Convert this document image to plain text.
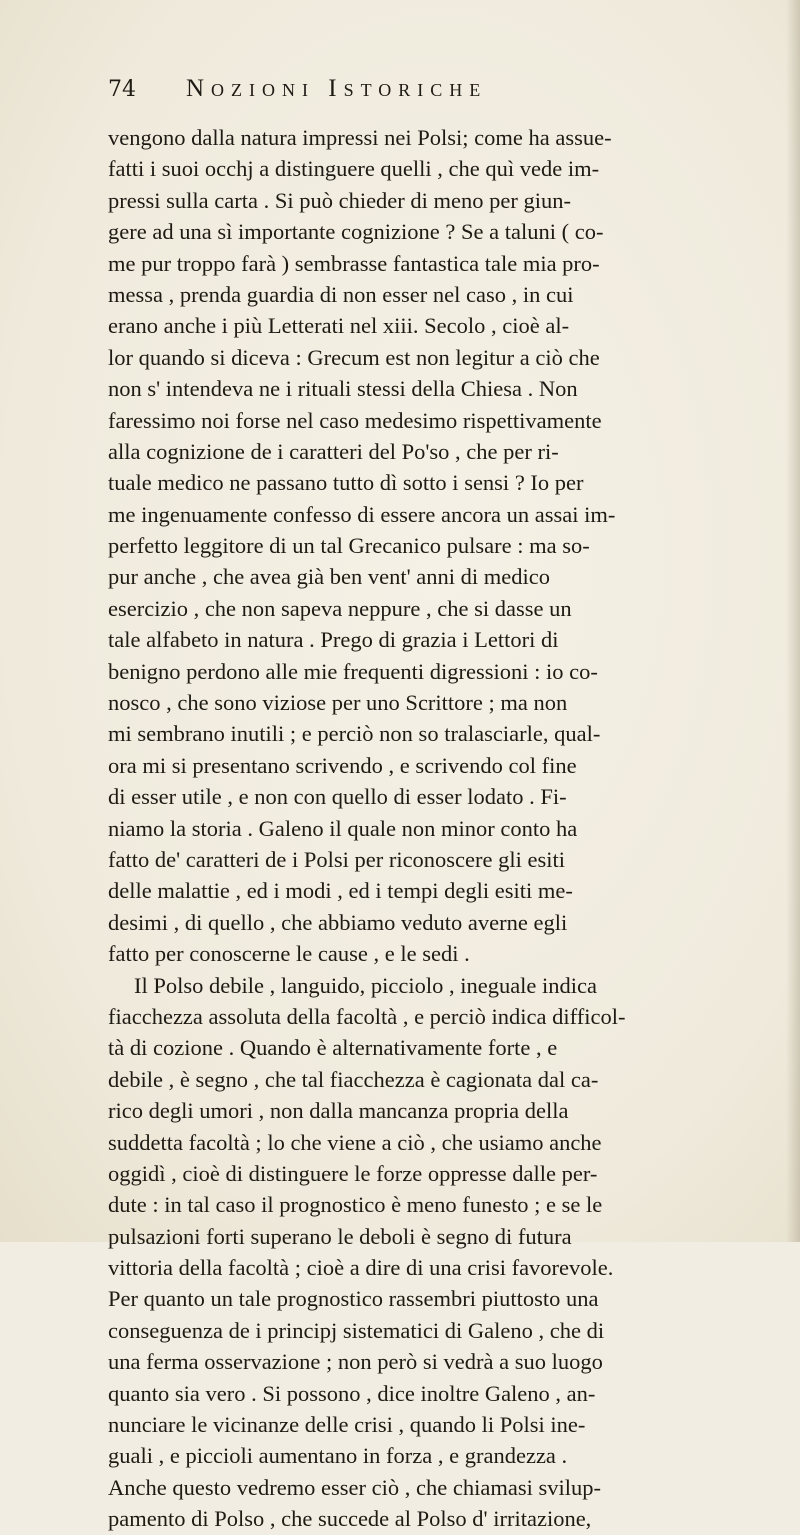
74 Nozioni Istoriche
vengono dalla natura impressi nei Polsi; come ha assue-
fatti i suoi occhj a distinguere quelli , che quì vede im-
pressi sulla carta . Si può chieder di meno per giun-
gere ad una sì importante cognizione ? Se a taluni ( co-
me pur troppo farà ) sembrasse fantastica tale mia pro-
messa , prenda guardia di non esser nel caso , in cui
erano anche i più Letterati nel xiii. Secolo , cioè al-
lor quando si diceva : Grecum est non legitur a ciò che
non s' intendeva ne i rituali stessi della Chiesa . Non
faressimo noi forse nel caso medesimo rispettivamente
alla cognizione de i caratteri del Po'so , che per ri-
tuale medico ne passano tutto dì sotto i sensi ? Io per
me ingenuamente confesso di essere ancora un assai im-
perfetto leggitore di un tal Grecanico pulsare : ma so-
pur anche , che avea già ben vent' anni di medico
esercizio , che non sapeva neppure , che si dasse un
tale alfabeto in natura . Prego di grazia i Lettori di
benigno perdono alle mie frequenti digressioni : io co-
nosco , che sono viziose per uno Scrittore ; ma non
mi sembrano inutili ; e perciò non so tralasciarle, qual-
ora mi si presentano scrivendo , e scrivendo col fine
di esser utile , e non con quello di esser lodato . Fi-
niamo la storia . Galeno il quale non minor conto ha
fatto de' caratteri de i Polsi per riconoscere gli esiti
delle malattie , ed i modi , ed i tempi degli esiti me-
desimi , di quello , che abbiamo veduto averne egli
fatto per conoscerne le cause , e le sedi .
Il Polso debile , languido, picciolo , ineguale indica
fiacchezza assoluta della facoltà , e perciò indica difficol-
tà di cozione . Quando è alternativamente forte , e
debile , è segno , che tal fiacchezza è cagionata dal ca-
rico degli umori , non dalla mancanza propria della
suddetta facoltà ; lo che viene a ciò , che usiamo anche
oggidì , cioè di distinguere le forze oppresse dalle per-
dute : in tal caso il prognostico è meno funesto ; e se le
pulsazioni forti superano le deboli è segno di futura
vittoria della facoltà ; cioè a dire di una crisi favorevole.
Per quanto un tale prognostico rassembri piuttosto una
conseguenza de i principj sistematici di Galeno , che di
una ferma osservazione ; non però si vedrà a suo luogo
quanto sia vero . Si possono , dice inoltre Galeno , an-
nunciare le vicinanze delle crisi , quando li Polsi ine-
guali , e piccioli aumentano in forza , e grandezza .
Anche questo vedremo esser ciò , che chiamasi svilup-
pamento di Polso , che succede al Polso d' irritazione,
